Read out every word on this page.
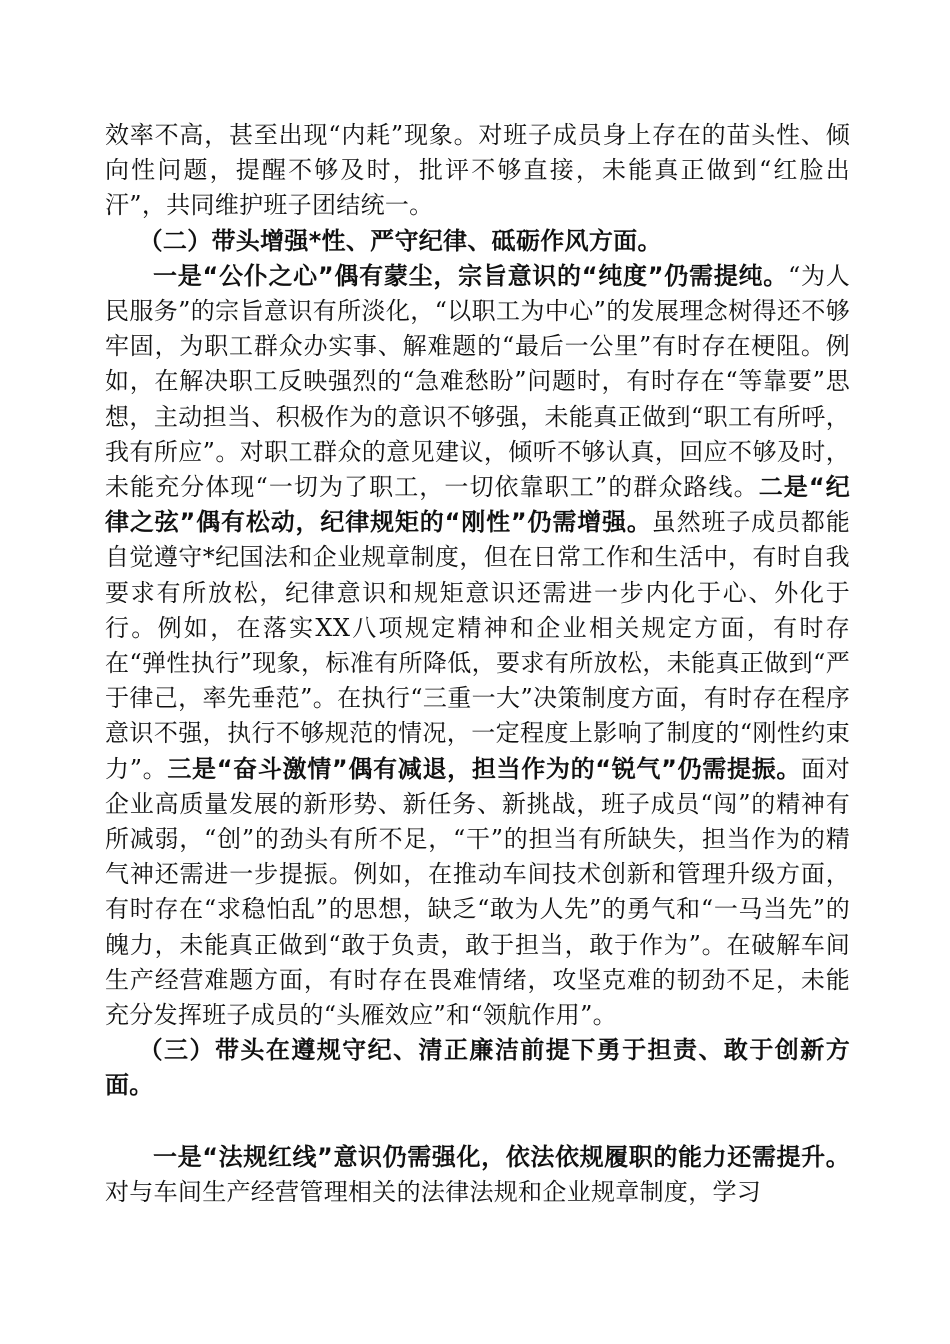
效率不高，甚至出现“内耗”现象。对班子成员身上存在的苗头性、倾向性问题，提醒不够及时，批评不够直接，未能真正做到“红脸出汗”，共同维护班子团结统一。

（二）带头增强*性、严守纪律、砥砺作风方面。

一是“公仆之心”偶有蒙尘，宗旨意识的“纯度”仍需提纯。“为人民服务”的宗旨意识有所淡化，“以职工为中心”的发展理念树得还不够牢固，为职工群众办实事、解难题的“最后一公里”有时存在梗阻。例如，在解决职工反映强烈的“急难愁盼”问题时，有时存在“等靠要”思想，主动担当、积极作为的意识不够强，未能真正做到“职工有所呼，我有所应”。对职工群众的意见建议，倾听不够认真，回应不够及时，未能充分体现“一切为了职工，一切依靠职工”的群众路线。二是“纪律之弦”偶有松动，纪律规矩的“刚性”仍需增强。虽然班子成员都能自觉遵守*纪国法和企业规章制度，但在日常工作和生活中，有时自我要求有所放松，纪律意识和规矩意识还需进一步内化于心、外化于行。例如，在落实XX八项规定精神和企业相关规定方面，有时存在“弹性执行”现象，标准有所降低，要求有所放松，未能真正做到“严于律己，率先垂范”。在执行“三重一大”决策制度方面，有时存在程序意识不强，执行不够规范的情况，一定程度上影响了制度的“刚性约束力”。三是“奋斗激情”偶有减退，担当作为的“锐气”仍需提振。面对企业高质量发展的新形势、新任务、新挑战，班子成员“闯”的精神有所减弱，“创”的劲头有所不足，“干”的担当有所缺失，担当作为的精气神还需进一步提振。例如，在推动车间技术创新和管理升级方面，有时存在“求稳怕乱”的思想，缺乏“敢为人先”的勇气和“一马当先”的魄力，未能真正做到“敢于负责，敢于担当，敢于作为”。在破解车间生产经营难题方面，有时存在畏难情绪，攻坚克难的韧劲不足，未能充分发挥班子成员的“头雁效应”和“领航作用”。

（三）带头在遵规守纪、清正廉洁前提下勇于担责、敢于创新方面。

一是“法规红线”意识仍需强化，依法依规履职的能力还需提升。对与车间生产经营管理相关的法律法规和企业规章制度，学习
